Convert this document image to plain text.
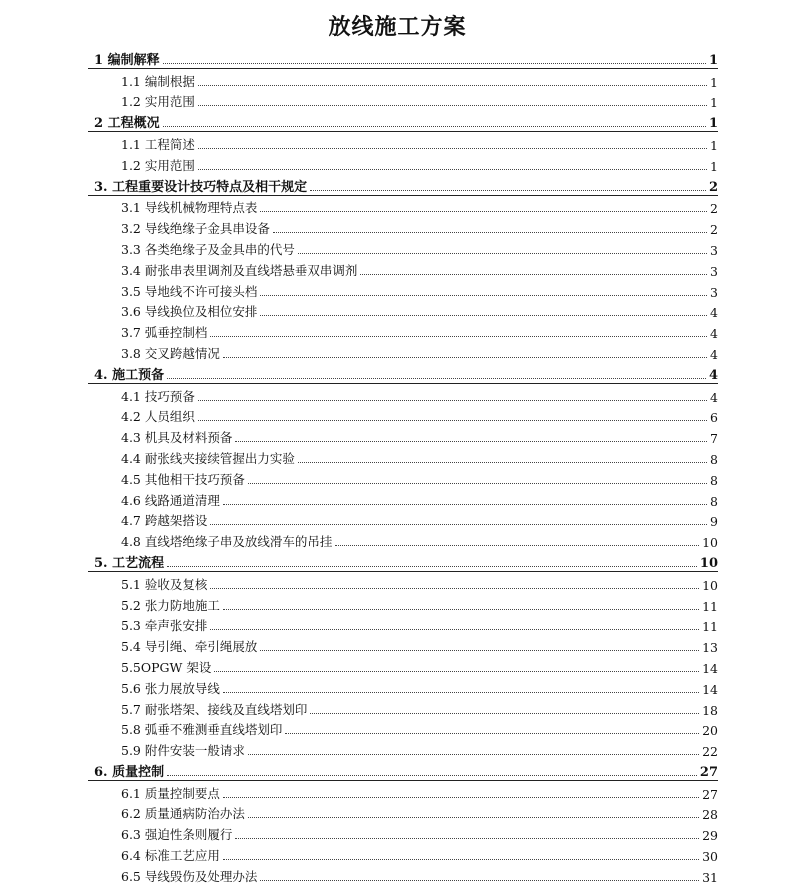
放线施工方案
1 编制解释	1
1.1 编制根据	1
1.2 实用范围	1
2 工程概况	1
1.1 工程简述	1
1.2 实用范围	1
3. 工程重要设计技巧特点及相干规定	2
3.1 导线机械物理特点表	2
3.2 导线绝缘子金具串设备	2
3.3 各类绝缘子及金具串的代号	3
3.4 耐张串表里调剂及直线塔悬垂双串调剂	3
3.5 导地线不许可接头档	3
3.6 导线换位及相位安排	4
3.7 弧垂控制档	4
3.8 交叉跨越情况	4
4. 施工预备	4
4.1 技巧预备	4
4.2 人员组织	6
4.3 机具及材料预备	7
4.4 耐张线夹接续管握出力实验	8
4.5 其他相干技巧预备	8
4.6 线路通道清理	8
4.7 跨越架搭设	9
4.8 直线塔绝缘子串及放线滑车的吊挂	10
5. 工艺流程	10
5.1 验收及复核	10
5.2 张力防地施工	11
5.3 牵声张安排	11
5.4 导引绳、牵引绳展放	13
5.5OPGW 架设	14
5.6 张力展放导线	14
5.7 耐张塔架、接线及直线塔划印	18
5.8 弧垂不雅测垂直线塔划印	20
5.9 附件安装一般请求	22
6. 质量控制	27
6.1 质量控制要点	27
6.2 质量通病防治办法	28
6.3 强迫性条则履行	29
6.4 标准工艺应用	30
6.5 导线毁伤及处理办法	31
